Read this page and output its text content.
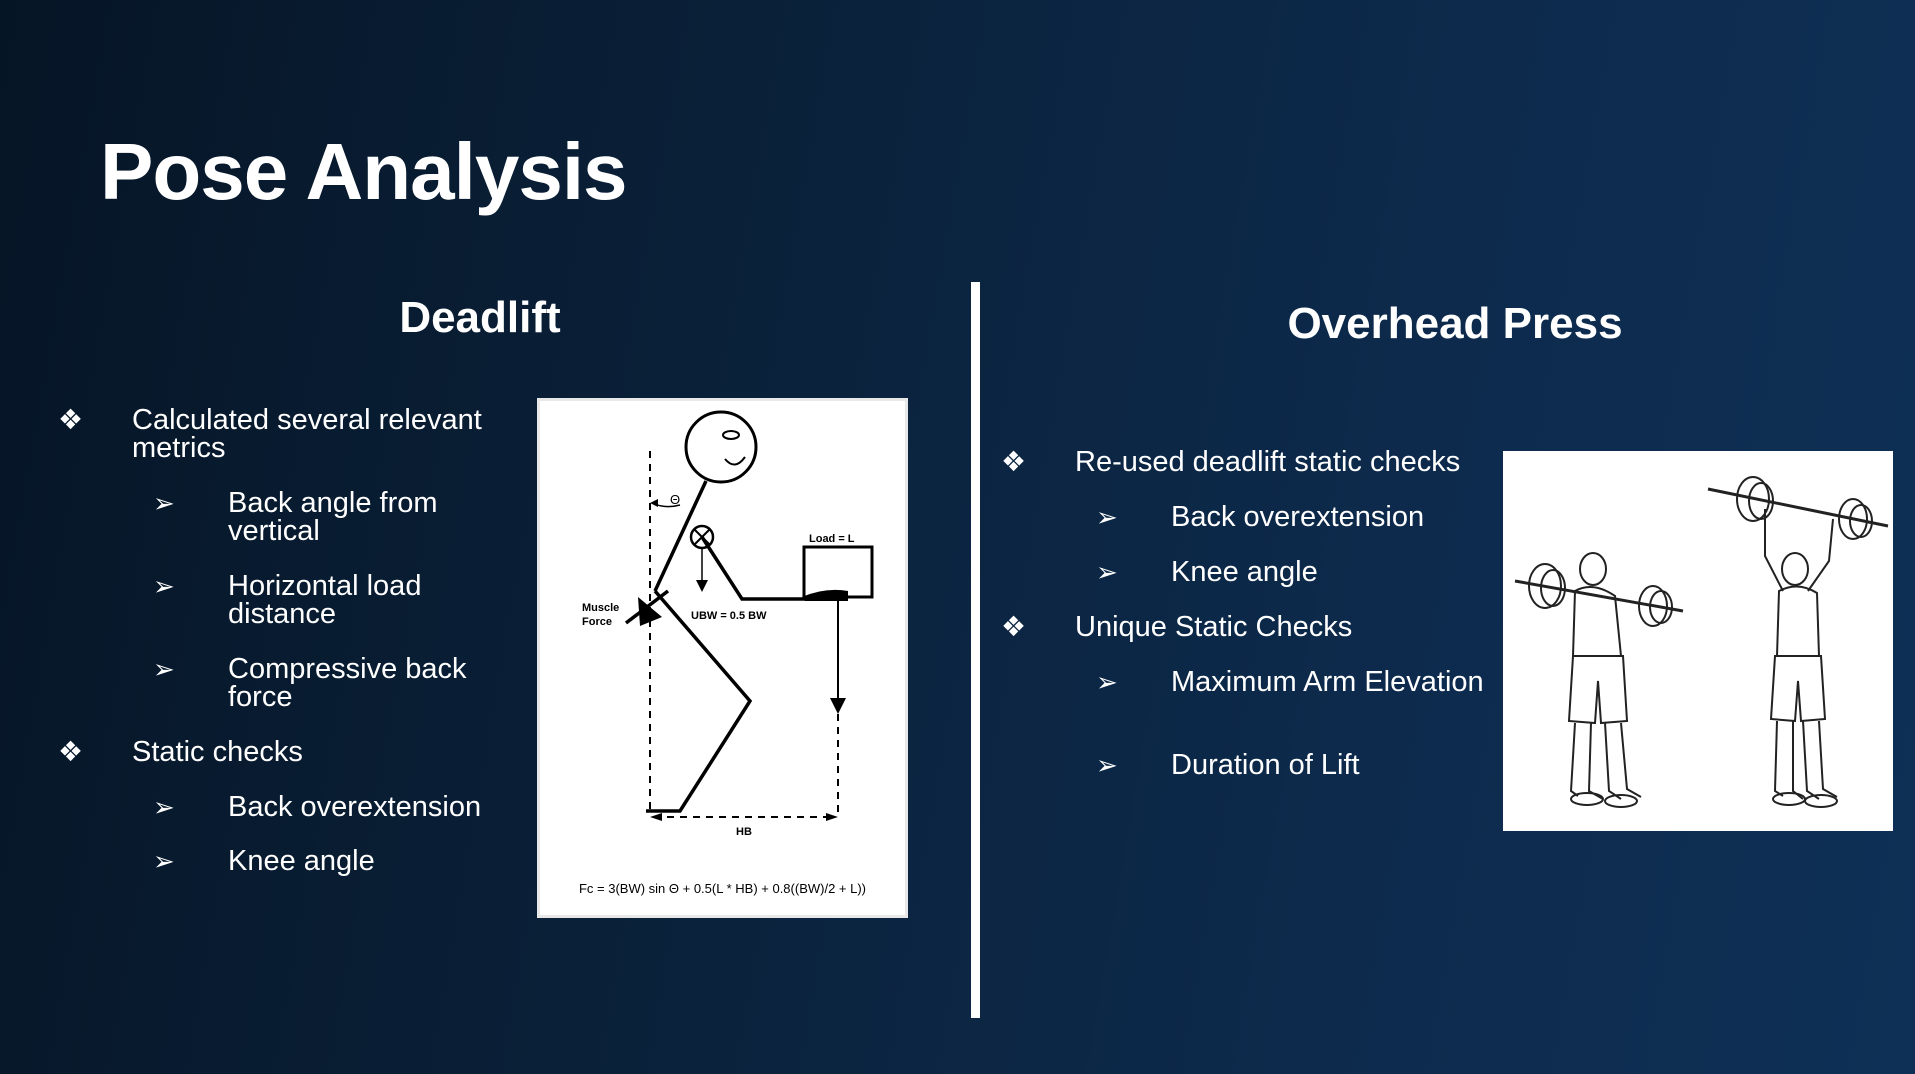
Pose Analysis
Deadlift	Overhead Press
❖	Calculated several relevant metrics
➢	Back angle from vertical
➢	Horizontal load distance
➢	Compressive back force
❖	Static checks
➢	Back overextension
➢	Knee angle
❖	Re-used deadlift static checks
➢	Back overextension
➢	Knee angle
❖	Unique Static Checks
➢	Maximum Arm Elevation
➢	Duration of Lift
Θ
Load = L
Muscle
Force	UBW = 0.5 BW
HB
Fc = 3(BW) sin Θ + 0.5(L * HB) + 0.8((BW)/2 + L))
